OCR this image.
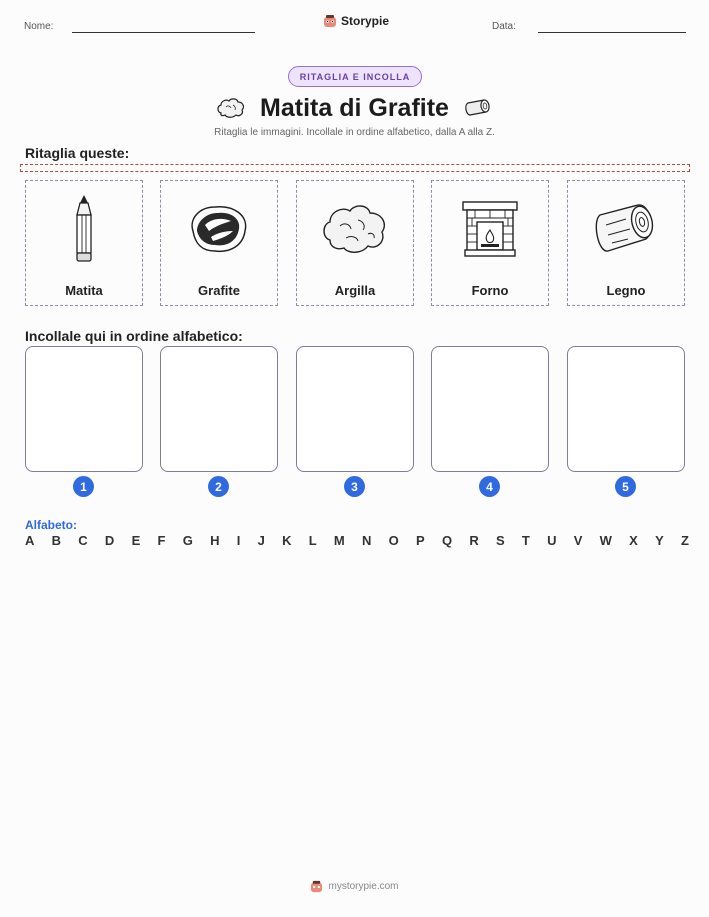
Nome:	Storypie	Data:
RITAGLIA E INCOLLA
Matita di Grafite
Ritaglia le immagini. Incollale in ordine alfabetico, dalla A alla Z.
Ritaglia queste:
Matita	Grafite	Argilla	Forno	Legno
Incollale qui in ordine alfabetico:
1	2	3	4	5
Alfabeto:
A B C D E F G H I J K L M N O P Q R S T U V W X Y Z
mystorypie.com
